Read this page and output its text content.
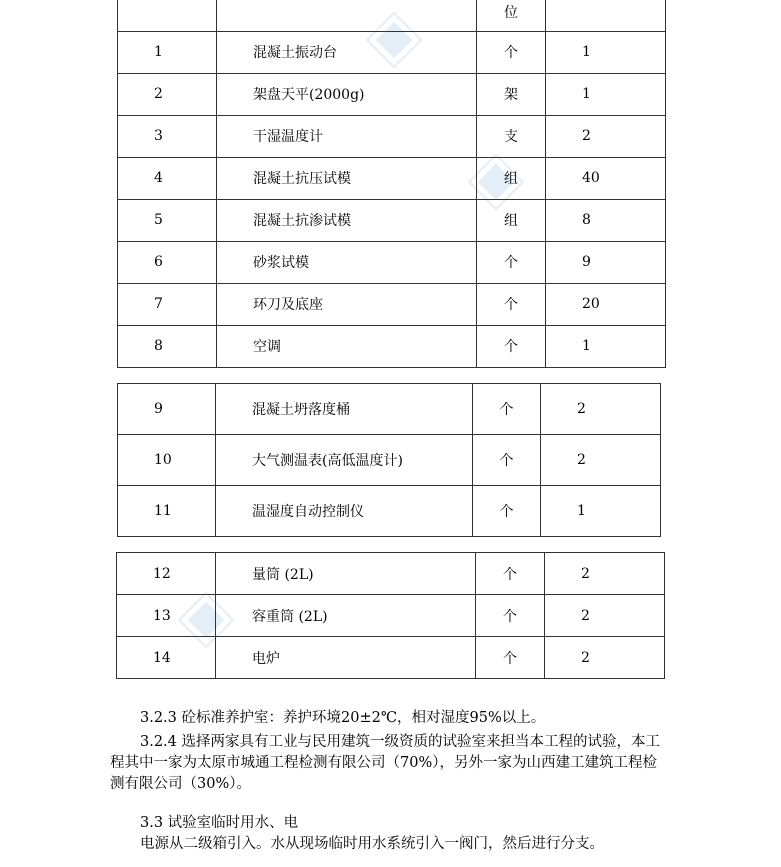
		位	
1	混凝土振动台	个	1
2	架盘天平(2000g)	架	1
3	干湿温度计	支	2
4	混凝土抗压试模	组	40
5	混凝土抗渗试模	组	8
6	砂浆试模	个	9
7	环刀及底座	个	20
8	空调	个	1
9	混凝土坍落度桶	个	2
10	大气测温表(高低温度计)	个	2
11	温湿度自动控制仪	个	1
12	量筒 (2L)	个	2
13	容重筒 (2L)	个	2
14	电炉	个	2

3.2.3 砼标准养护室：养护环境20±2℃，相对湿度95%以上。

3.2.4 选择两家具有工业与民用建筑一级资质的试验室来担当本工程的试验，本工程其中一家为太原市城通工程检测有限公司（70%），另外一家为山西建工建筑工程检测有限公司（30%）。

3.3 试验室临时用水、电

电源从二级箱引入。水从现场临时用水系统引入一阀门，然后进行分支。
